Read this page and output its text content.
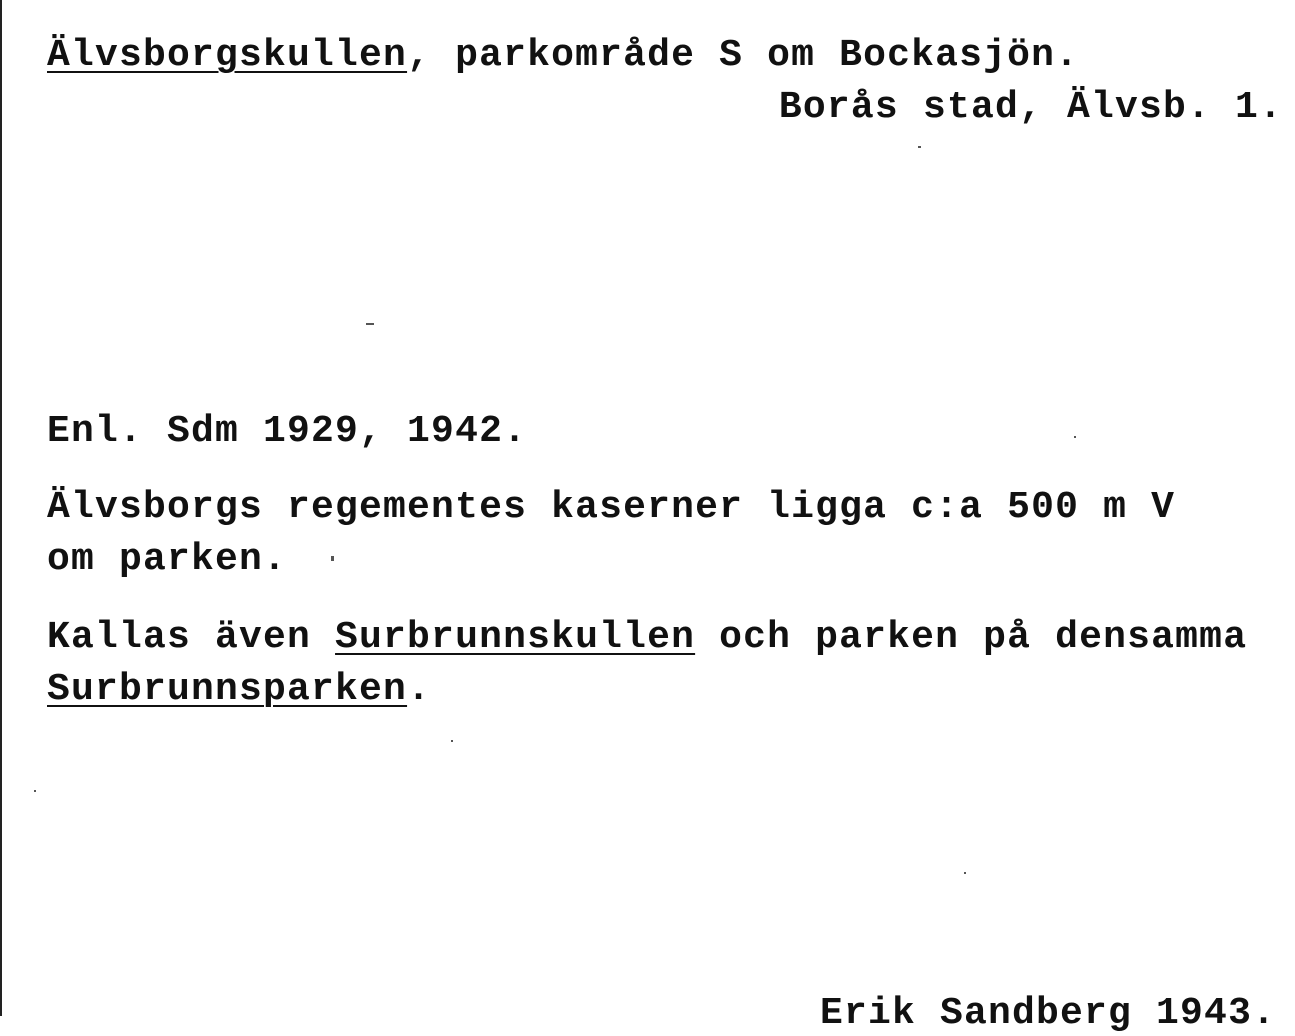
Älvsborgskullen, parkområde S om Bockasjön.
Borås stad, Älvsb. 1.
Enl. Sdm 1929, 1942.
Älvsborgs regementes kaserner ligga c:a 500 m V
om parken.
Kallas även Surbrunnskullen och parken på densamma
Surbrunnsparken.
Erik Sandberg 1943.
